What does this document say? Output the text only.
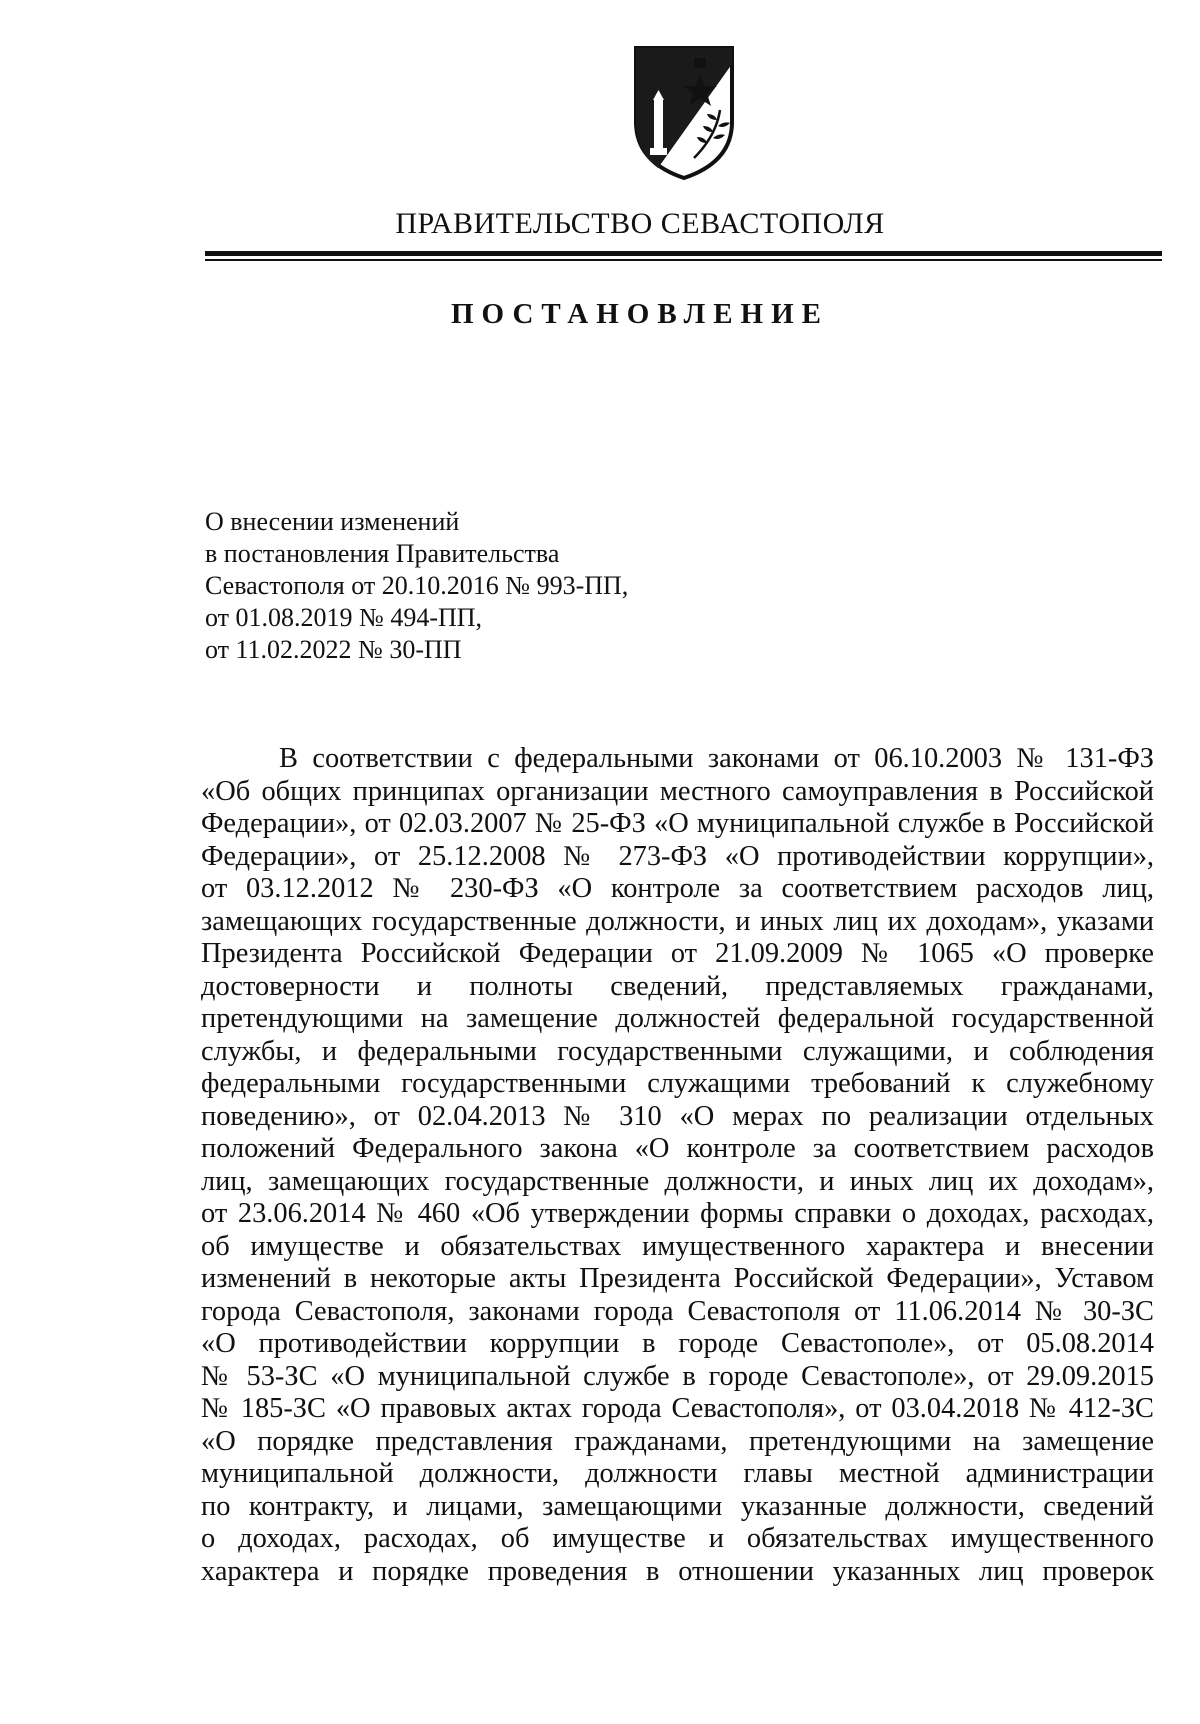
ПРАВИТЕЛЬСТВО СЕВАСТОПОЛЯ
ПОСТАНОВЛЕНИЕ
О внесении изменений
в постановления Правительства
Севастополя от 20.10.2016 № 993-ПП,
от 01.08.2019 № 494-ПП,
от 11.02.2022 № 30-ПП
В соответствии с федеральными законами от 06.10.2003 № 131-ФЗ
«Об общих принципах организации местного самоуправления в Российской
Федерации», от 02.03.2007 № 25-ФЗ «О муниципальной службе в Российской
Федерации», от 25.12.2008 № 273-ФЗ «О противодействии коррупции»,
от 03.12.2012 № 230-ФЗ «О контроле за соответствием расходов лиц,
замещающих государственные должности, и иных лиц их доходам», указами
Президента Российской Федерации от 21.09.2009 № 1065 «О проверке
достоверности и полноты сведений, представляемых гражданами,
претендующими на замещение должностей федеральной государственной
службы, и федеральными государственными служащими, и соблюдения
федеральными государственными служащими требований к служебному
поведению», от 02.04.2013 № 310 «О мерах по реализации отдельных
положений Федерального закона «О контроле за соответствием расходов
лиц, замещающих государственные должности, и иных лиц их доходам»,
от 23.06.2014 № 460 «Об утверждении формы справки о доходах, расходах,
об имуществе и обязательствах имущественного характера и внесении
изменений в некоторые акты Президента Российской Федерации», Уставом
города Севастополя, законами города Севастополя от 11.06.2014 № 30-ЗС
«О противодействии коррупции в городе Севастополе», от 05.08.2014
№ 53-ЗС «О муниципальной службе в городе Севастополе», от 29.09.2015
№ 185-ЗС «О правовых актах города Севастополя», от 03.04.2018 № 412-ЗС
«О порядке представления гражданами, претендующими на замещение
муниципальной должности, должности главы местной администрации
по контракту, и лицами, замещающими указанные должности, сведений
о доходах, расходах, об имуществе и обязательствах имущественного
характера и порядке проведения в отношении указанных лиц проверок
